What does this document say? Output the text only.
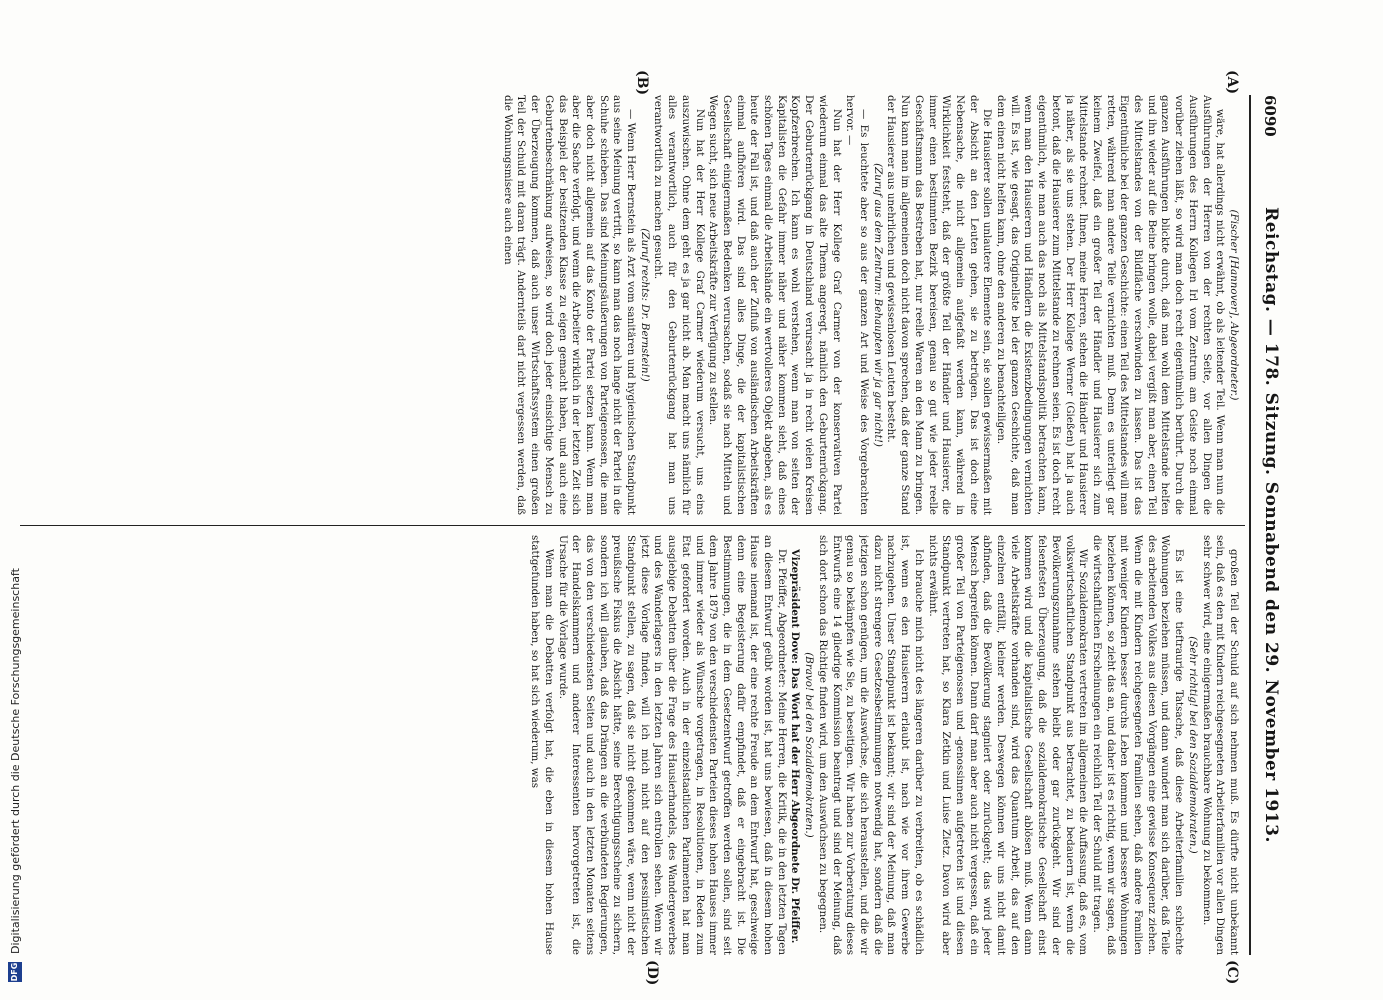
6090
Reichstag. — 178. Sitzung. Sonnabend den 29. November 1913.
(A)
(B)
(C)
(D)

(Fischer [Hannover], Abgeordneter.)

wäre, hat allerdings nicht erwähnt, ob als leitender Teil. Wenn man nun die Ausführungen der Herren von der rechten Seite, vor allen Dingen die Ausführungen des Herrn Kollegen Irl vom Zentrum am Geiste noch einmal vorüber ziehen läßt, so wird man doch recht eigentümlich berührt. Durch die ganzen Ausführungen blickte durch, daß man wohl dem Mittelstande helfen und ihn wieder auf die Beine bringen wolle, dabei vergißt man aber, einen Teil des Mittelstandes von der Bildfläche verschwinden zu lassen. Das ist das Eigentümliche bei der ganzen Geschichte: einen Teil des Mittelstandes will man retten, während man andere Teile vernichten muß. Denn es unterliegt gar keinem Zweifel, daß ein großer Teil der Händler und Hausierer sich zum Mittelstande rechnet. Ihnen, meine Herren, stehen die Händler und Hausierer ja näher, als sie uns stehen. Der Herr Kollege Werner (Gießen) hat ja auch betont, daß die Hausierer zum Mittelstande zu rechnen seien. Es ist doch recht eigentümlich, wie man auch das noch als Mittelstandspolitik betrachten kann, wenn man den Hausierern und Händlern die Existenzbedingungen vernichten will. Es ist, wie gesagt, das Originellste bei der ganzen Geschichte, daß man dem einen nicht helfen kann, ohne den anderen zu benachteiligen.

Die Hausierer sollen unlautere Elemente sein, sie sollen gewissermaßen mit der Absicht an den Leuten gehen, sie zu betrügen. Das ist doch eine Nebensache, die nicht allgemein aufgefaßt werden kann, während in Wirklichkeit feststeht, daß der größte Teil der Händler und Hausierer, die immer einen bestimmten Bezirk bereisen, genau so gut wie jeder reelle Geschäftsmann das Bestreben hat, nur reelle Waren an den Mann zu bringen. Nun kann man im allgemeinen doch nicht davon sprechen, daß der ganze Stand der Hausierer aus unehrlichen und gewissenlosen Leuten besteht.

(Zuruf aus dem Zentrum: Behaupten wir ja gar nicht!)

— Es leuchtete aber so aus der ganzen Art und Weise des Vorgebrachten hervor. —

Nun hat der Herr Kollege Graf Carmer von der konservativen Partei wiederum einmal das alte Thema angeregt, nämlich den Geburtenrückgang. Der Geburtenrückgang in Deutschland verursacht ja in recht vielen Kreisen Kopfzerbrechen. Ich kann es wohl verstehen, wenn man von seiten der Kapitalisten die Gefahr immer näher und näher kommen sieht, daß eines schönen Tages einmal die Arbeitshände ein wertvolleres Objekt abgeben, als es heute der Fall ist, und daß auch der Zufluß von ausländischen Arbeitskräften einmal aufhören wird. Das sind alles Dinge, die der kapitalistischen Gesellschaft einigermaßen Bedenken verursachen, sodaß sie nach Mitteln und Wegen sucht, sich neue Arbeitskräfte zur Verfügung zu stellen.

Nun hat der Herr Kollege Graf Carmer wiederum versucht, uns eins auszuwischen. Ohne dem geht es ja gar nicht ab. Man macht uns nämlich für alles verantwortlich, auch für den Geburtenrückgang hat man uns verantwortlich zu machen gesucht.

(Zuruf rechts: Dr. Bernstein!)

— Wenn Herr Bernstein als Arzt vom sanitären und hygienischen Standpunkt aus seine Meinung vertritt, so kann man das noch lange nicht der Partei in die Schuhe schieben. Das sind Meinungsäußerungen von Parteigenossen, die man aber doch nicht allgemein auf das Konto der Partei setzen kann. Wenn man aber die Sache verfolgt, und wenn die Arbeiter wirklich in der letzten Zeit sich das Beispiel der besitzenden Klasse zu eigen gemacht haben, und auch eine Geburtenbeschränkung aufweisen, so wird doch jeder einsichtige Mensch zu der Überzeugung kommen, daß auch unser Wirtschaftssystem einen großen Teil der Schuld mit daran trägt. Andernteils darf nicht vergessen werden, daß die Wohnungsmisere auch einen

großen Teil der Schuld auf sich nehmen muß. Es dürfte nicht unbekannt sein, daß es den mit Kindern reichgesegneten Arbeiterfamilien vor allen Dingen sehr schwer wird, eine einigermaßen brauchbare Wohnung zu bekommen.

(Sehr richtig! bei den Sozialdemokraten.)

Es ist eine tieftraurige Tatsache, daß diese Arbeiterfamilien schlechte Wohnungen beziehen müssen, und dann wundert man sich darüber, daß Teile des arbeitenden Volkes aus diesen Vorgängen eine gewisse Konsequenz ziehen. Wenn die mit Kindern reichgesegneten Familien sehen, daß andere Familien mit weniger Kindern besser durchs Leben kommen und bessere Wohnungen beziehen können, so zieht das an, und daher ist es richtig, wenn wir sagen, daß die wirtschaftlichen Erscheinungen ein reichlich Teil der Schuld mit tragen.

Wir Sozialdemokraten vertreten im allgemeinen die Auffassung, daß es, vom volkswirtschaftlichen Standpunkt aus betrachtet, zu bedauern ist, wenn die Bevölkerungszunahme stehen bleibt oder gar zurückgeht. Wir sind der felsenfesten Überzeugung, daß die sozialdemokratische Gesellschaft einst kommen wird und die kapitalistische Gesellschaft ablösen muß. Wenn dann viele Arbeitskräfte vorhanden sind, wird das Quantum Arbeit, das auf den einzelnen entfällt, kleiner werden. Deswegen können wir uns nicht damit abfinden, daß die Bevölkerung stagniert oder zurückgeht; das wird jeder Mensch begreifen können. Dann darf man aber auch nicht vergessen, daß ein großer Teil von Parteigenossen und -genossinnen aufgetreten ist und diesen Standpunkt vertreten hat, so Klara Zetkin und Luise Zietz. Davon wird aber nichts erwähnt.

Ich brauche mich nicht des längeren darüber zu verbreiten, ob es schädlich ist, wenn es den Hausierern erlaubt ist, nach wie vor ihrem Gewerbe nachzugehen. Unser Standpunkt ist bekannt; wir sind der Meinung, daß man dazu nicht strengere Gesetzesbestimmungen notwendig hat, sondern daß die jetzigen schon genügen, um die Auswüchse, die sich herausstellen, und die wir genau so bekämpfen wie Sie, zu beseitigen. Wir haben zur Vorberatung dieses Entwurfs eine 14 gliedrige Kommission beantragt und sind der Meinung, daß sich dort schon das Richtige finden wird, um den Auswüchsen zu begegnen.

(Bravo! bei den Sozialdemokraten.)

Vizepräsident Dove: Das Wort hat der Herr Abgeordnete Dr. Pfeiffer.

Dr. Pfeiffer, Abgeordneter: Meine Herren, die Kritik, die in den letzten Tagen an diesem Entwurf geübt worden ist, hat uns bewiesen, daß in diesem hohen Hause niemand ist, der eine rechte Freude an dem Entwurf hat, geschweige denn eine Begeisterung dafür empfindet, daß er eingebracht ist. Die Bestimmungen, die in dem Gesetzentwurf getroffen werden sollen, sind seit dem Jahre 1879 von den verschiedensten Parteien dieses hohen Hauses immer und immer wieder als Wünsche vorgetragen, in Resolutionen, in Reden zum Etat gefordert worden. Auch in der einzelstaatlichen Parlamenten hat man ausgiebige Debatten über die Frage des Hausierhandels, des Wandergewerbes und des Wanderlagers in den letzten Jahren sich entrollen sehen. Wenn wir jetzt diese Vorlage finden, will ich mich nicht auf den pessimistischen Standpunkt stellen, zu sagen, daß sie nicht gekommen wäre, wenn nicht der preußische Fiskus die Absicht hätte, seine Berechtigungsscheine zu sichern, sondern ich will glauben, daß das Drängen an die verbündeten Regierungen, das von den verschiedensten Seiten und auch in den letzten Monaten seitens der Handelskammern und anderer Interessenten hervorgetreten ist, die Ursache für die Vorlage wurde.

Wenn man die Debatten verfolgt hat, die eben in diesem hohen Hause stattgefunden haben, so hat sich wiederum, was

DFG
Digitalisierung gefördert durch die Deutsche Forschungsgemeinschaft
